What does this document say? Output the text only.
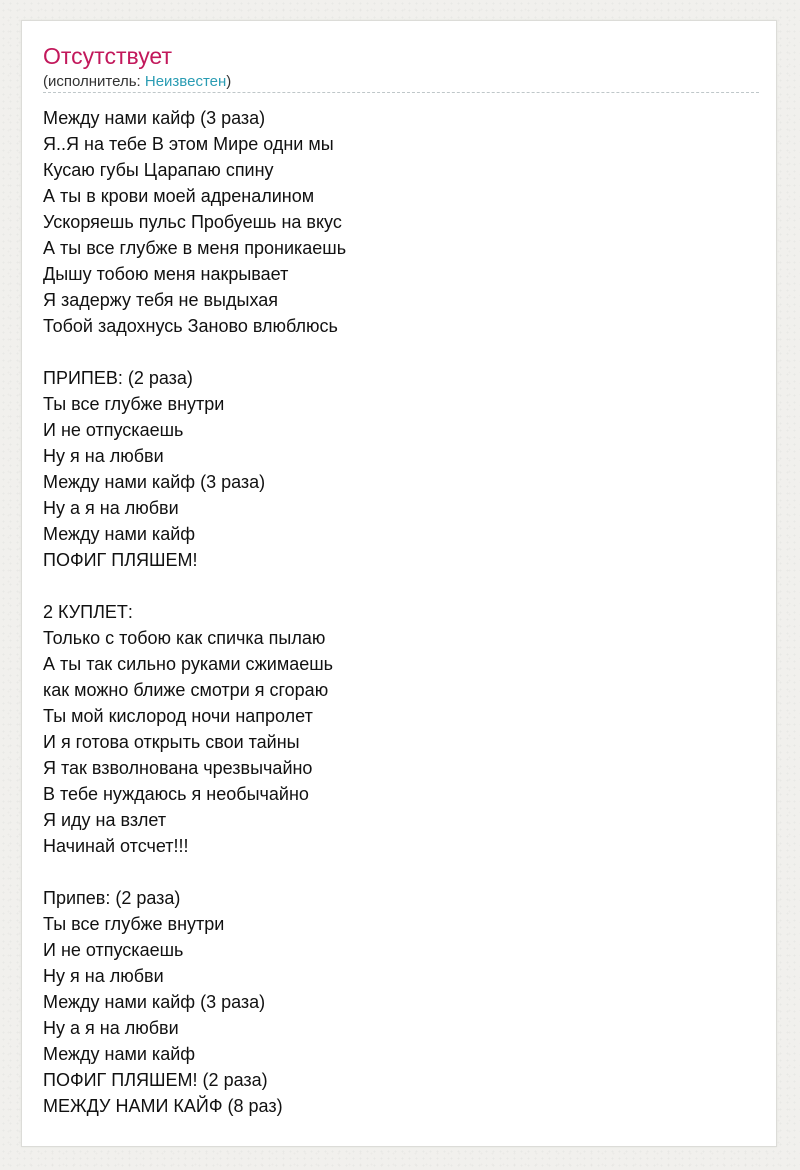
Отсутствует
(исполнитель: Неизвестен)
Между нами кайф (3 раза)
Я..Я на тебе В этом Мире одни мы
Кусаю губы Царапаю спину
А ты в крови моей адреналином
Ускоряешь пульс Пробуешь на вкус
А ты все глубже в меня проникаешь
Дышу тобою меня накрывает
Я задержу тебя не выдыхая
Тобой задохнусь Заново влюблюсь
ПРИПЕВ: (2 раза)
Ты все глубже внутри
И не отпускаешь
Ну я на любви
Между нами кайф (3 раза)
Ну а я на любви
Между нами кайф
ПОФИГ ПЛЯШЕМ!
2 КУПЛЕТ:
Только с тобою как спичка пылаю
А ты так сильно руками сжимаешь
как можно ближе смотри я сгораю
Ты мой кислород ночи напролет
И я готова открыть свои тайны
Я так взволнована чрезвычайно
В тебе нуждаюсь я необычайно
Я иду на взлет
Начинай отсчет!!!
Припев: (2 раза)
Ты все глубже внутри
И не отпускаешь
Ну я на любви
Между нами кайф (3 раза)
Ну а я на любви
Между нами кайф
ПОФИГ ПЛЯШЕМ! (2 раза)
МЕЖДУ НАМИ КАЙФ (8 раз)
